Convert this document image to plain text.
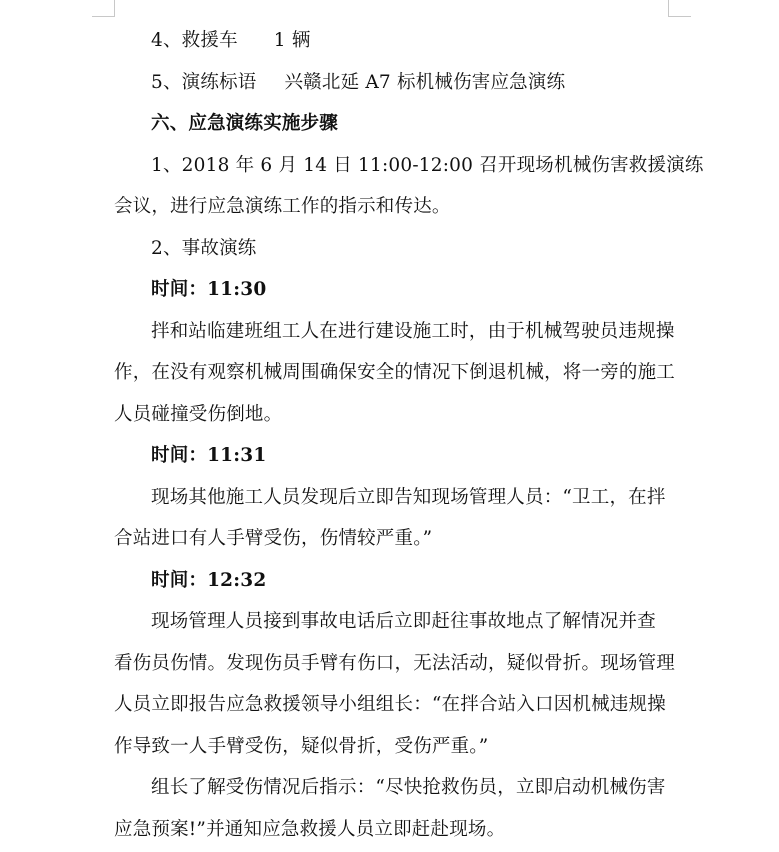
4、救援车 1 辆
5、演练标语 兴赣北延 A7 标机械伤害应急演练
六、应急演练实施步骤
1、2018 年 6 月 14 日 11:00-12:00 召开现场机械伤害救援演练
会议，进行应急演练工作的指示和传达。
2、事故演练
时间：11:30
拌和站临建班组工人在进行建设施工时，由于机械驾驶员违规操
作，在没有观察机械周围确保安全的情况下倒退机械，将一旁的施工
人员碰撞受伤倒地。
时间：11:31
现场其他施工人员发现后立即告知现场管理人员：“卫工，在拌
合站进口有人手臂受伤，伤情较严重。”
时间：12:32
现场管理人员接到事故电话后立即赶往事故地点了解情况并查
看伤员伤情。发现伤员手臂有伤口，无法活动，疑似骨折。现场管理
人员立即报告应急救援领导小组组长：“在拌合站入口因机械违规操
作导致一人手臂受伤，疑似骨折，受伤严重。”
组长了解受伤情况后指示：“尽快抢救伤员，立即启动机械伤害
应急预案!”并通知应急救援人员立即赶赴现场。
